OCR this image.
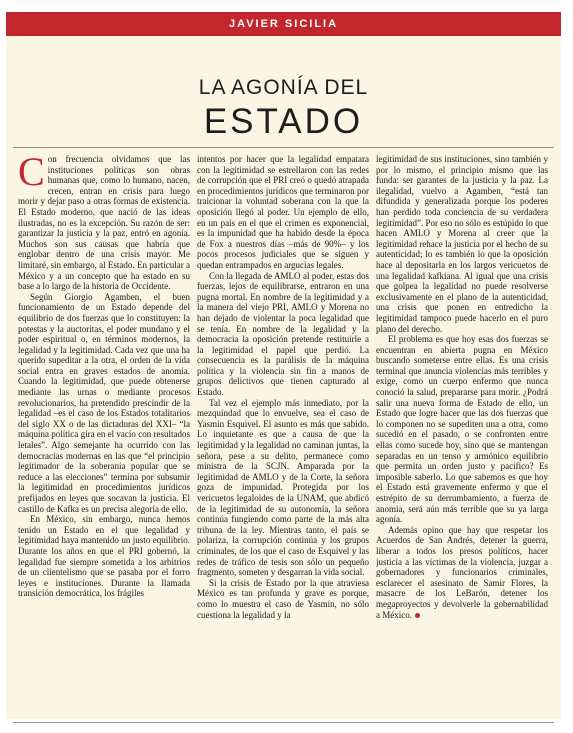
JAVIER SICILIA
LA AGONÍA DEL
ESTADO

Con frecuencia olvidamos que las instituciones políticas son obras humanas que, como lo humano, nacen, crecen, entran en crisis para luego morir y dejar paso a otras formas de existencia. El Estado moderno, que nació de las ideas ilustradas, no es la excepción. Su razón de ser: garantizar la justicia y la paz, entró en agonía. Muchos son sus causas que habría que englobar dentro de una crisis mayor. Me limitaré, sin embargo, al Estado. En particular a México y a un concepto que ha estado en su base a lo largo de la historia de Occidente.

Según Giorgio Agamben, el buen funcionamiento de un Estado depende del equilibrio de dos fuerzas que lo constituyen: la potestas y la auctoritas, el poder mundano y el poder espiritual o, en términos modernos, la legalidad y la legitimidad. Cada vez que una ha querido supeditar a la otra, el orden de la vida social entra en graves estados de anomia. Cuando la legitimidad, que puede obtenerse mediante las urnas o mediante procesos revolucionarios, ha pretendido prescindir de la legalidad –es el caso de los Estados totalitarios del siglo XX o de las dictaduras del XXI– “la máquina política gira en el vacío con resultados letales”. Algo semejante ha ocurrido con las democracias modernas en las que “el principio legitimador de la soberanía popular que se reduce a las elecciones” termina por subsumir la legitimidad en procedimientos jurídicos prefijados en leyes que socavan la justicia. El castillo de Kafka es un precisa alegoría de ello.

En México, sin embargo, nunca hemos tenido un Estado en el que legalidad y legitimidad haya mantenido un justo equilibrio. Durante los años en que el PRI gobernó, la legalidad fue siempre sometida a los arbitrios de un clientelismo que se pasaba por el forro leyes e instituciones. Durante la llamada transición democrática, los frágiles

intentos por hacer que la legalidad empatara con la legitimidad se estrellaron con las redes de corrupción que el PRI creó o quedó atrapada en procedimientos jurídicos que terminaron por traicionar la voluntad soberana con la que la oposición llegó al poder. Un ejemplo de ello, en un país en el que el crimen es exponencial, es la impunidad que ha habido desde la época de Fox a nuestros días –más de 90%– y los pocos procesos judiciales que se siguen y quedan entrampados en argucias legales.

Con la llegada de AMLO al poder, estas dos fuerzas, lejos de equilibrarse, entraron en una pugna mortal. En nombre de la legitimidad y a la manera del viejo PRI, AMLO y Morena no han dejado de violentar la poca legalidad que se tenía. En nombre de la legalidad y la democracia la oposición pretende restituirle a la legitimidad el papel que perdió. La consecuencia es la parálisis de la máquina política y la violencia sin fin a manos de grupos delictivos que tienen capturado al Estado.

Tal vez el ejemplo más inmediato, por la mezquindad que lo envuelve, sea el caso de Yasmín Esquivel. El asunto es más que sabido. Lo inquietante es que a causa de que la legitimidad y la legalidad no caminan juntas, la señora, pese a su delito, permanece como ministra de la SCJN. Amparada por la legitimidad de AMLO y de la Corte, la señora goza de impunidad. Protegida por los vericuetos legaloides de la UNAM, que abdicó de la legitimidad de su autonomía, la señora continúa fungiendo como parte de la más alta tribuna de la ley. Mientras tanto, el país se polariza, la corrupción continúa y los grupos criminales, de los que el caso de Esquivel y las redes de tráfico de tesis son sólo un pequeño fragmento, someten y desgarran la vida social.

Si la crisis de Estado por la que atraviesa México es tan profunda y grave es porque, como lo muestra el caso de Yasmín, no sólo cuestiona la legalidad y la

legitimidad de sus instituciones, sino también y por lo mismo, el principio mismo que las funda: ser garantes de la justicia y la paz. La ilegalidad, vuelvo a Agamben, “está tan difundida y generalizada porque los poderes han perdido toda conciencia de su verdadera legitimidad”. Por eso no sólo es estúpido lo que hacen AMLO y Morena al creer que la legitimidad rehace la justicia por el hecho de su autenticidad; lo es también lo que la oposición hace al depositarla en los largos vericuetos de una legalidad kafkiana. Al igual que una crisis que golpea la legalidad no puede resolverse exclusivamente en el plano de la autenticidad, una crisis que ponen en entredicho la legitimidad tampoco puede hacerlo en el puro plano del derecho.

El problema es que hoy esas dos fuerzas se encuentran en abierta pugna en México buscando someterse entre ellas. Es una crisis terminal que anuncia violencias más terribles y exige, como un cuerpo enfermo que nunca conoció la salud, prepararse para morir. ¿Podrá salir una nueva forma de Estado de ello, un Estado que logre hacer que las dos fuerzas que lo componen no se supediten una a otra, como sucedió en el pasado, o se confronten entre ellas como sucede hoy, sino que se mantengan separadas en un tenso y armónico equilibrio que permita un orden justo y pacífico? Es imposible saberlo. Lo que sabemos es que hoy el Estado está gravemente enfermo y que el estrépito de su derrumbamiento, a fuerza de anomia, será aún más terrible que su ya larga agonía.

Además opino que hay que respetar los Acuerdos de San Andrés, detener la guerra, liberar a todos los presos políticos, hacer justicia a las víctimas de la violencia, juzgar a gobernadores y funcionarios criminales, esclarecer el asesinato de Samir Flores, la masacre de los LeBarón, detener los megaproyectos y devolverle la gobernabilidad a México.
